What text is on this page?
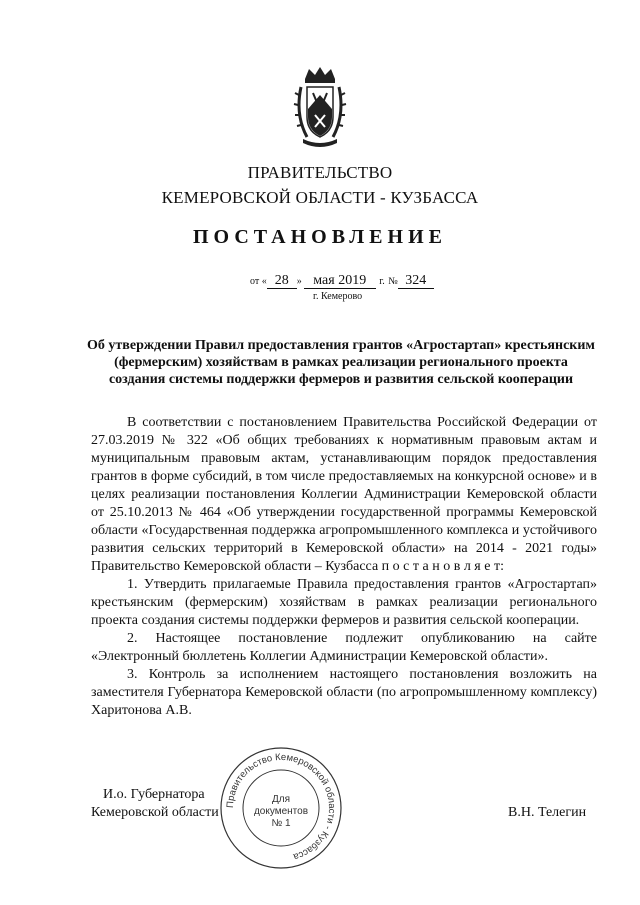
ПРАВИТЕЛЬСТВО
КЕМЕРОВСКОЙ ОБЛАСТИ - КУЗБАССА
ПОСТАНОВЛЕНИЕ
от « 28 » мая 2019 г. № 324
г. Кемерово
Об утверждении Правил предоставления грантов «Агростартап» крестьянским (фермерским) хозяйствам в рамках реализации регионального проекта создания системы поддержки фермеров и развития сельской кооперации

В соответствии с постановлением Правительства Российской Федерации от 27.03.2019 № 322 «Об общих требованиях к нормативным правовым актам и муниципальным правовым актам, устанавливающим порядок предоставления грантов в форме субсидий, в том числе предоставляемых на конкурсной основе» и в целях реализации постановления Коллегии Администрации Кемеровской области от 25.10.2013 № 464 «Об утверждении государственной программы Кемеровской области «Государственная поддержка агропромышленного комплекса и устойчивого развития сельских территорий в Кемеровской области» на 2014 - 2021 годы» Правительство Кемеровской области – Кузбасса п о с т а н о в л я е т:

1. Утвердить прилагаемые Правила предоставления грантов «Агростартап» крестьянским (фермерским) хозяйствам в рамках реализации регионального проекта создания системы поддержки фермеров и развития сельской кооперации.

2. Настоящее постановление подлежит опубликованию на сайте «Электронный бюллетень Коллегии Администрации Кемеровской области».

3. Контроль за исполнением настоящего постановления возложить на заместителя Губернатора Кемеровской области (по агропромышленному комплексу) Харитонова А.В.

И.о. Губернатора
Кемеровской области	В.Н. Телегин
Правительство Кемеровской области - Кузбасса
Для
документов
№ 1
